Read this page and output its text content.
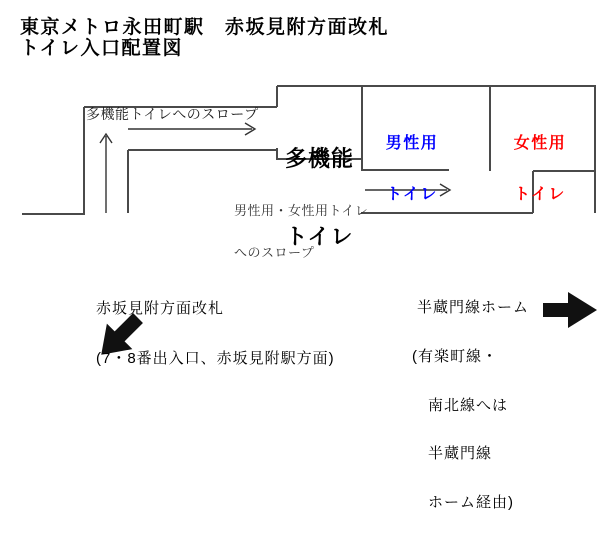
東京メトロ永田町駅　赤坂見附方面改札
トイレ入口配置図
多機能トイレへのスロープ

多機能

トイレ

男性用

トイレ

女性用

トイレ

男性用・女性用トイレ

へのスロープ

赤坂見附方面改札

(7・8番出入口、赤坂見附駅方面)

半蔵門線ホーム

(有楽町線・

　南北線へは

　半蔵門線

　ホーム経由)
